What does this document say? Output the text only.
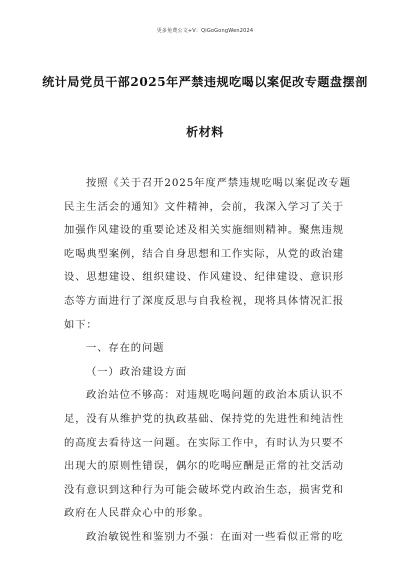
更多免费公文+V：QiGoGongWen2024
统计局党员干部2025年严禁违规吃喝以案促改专题盘摆剖
析材料
按照《关于召开2025年度严禁违规吃喝以案促改专题
民主生活会的通知》文件精神，会前，我深入学习了关于
加强作风建设的重要论述及相关实施细则精神。聚焦违规
吃喝典型案例，结合自身思想和工作实际，从党的政治建
设、思想建设、组织建设、作风建设、纪律建设、意识形
态等方面进行了深度反思与自我检视，现将具体情况汇报
如下：
一、存在的问题
（一）政治建设方面
政治站位不够高：对违规吃喝问题的政治本质认识不
足，没有从维护党的执政基础、保持党的先进性和纯洁性
的高度去看待这一问题。在实际工作中，有时认为只要不
出现大的原则性错误，偶尔的吃喝应酬是正常的社交活动
没有意识到这种行为可能会破坏党内政治生态，损害党和
政府在人民群众心中的形象。
政治敏锐性和鉴别力不强：在面对一些看似正常的吃
